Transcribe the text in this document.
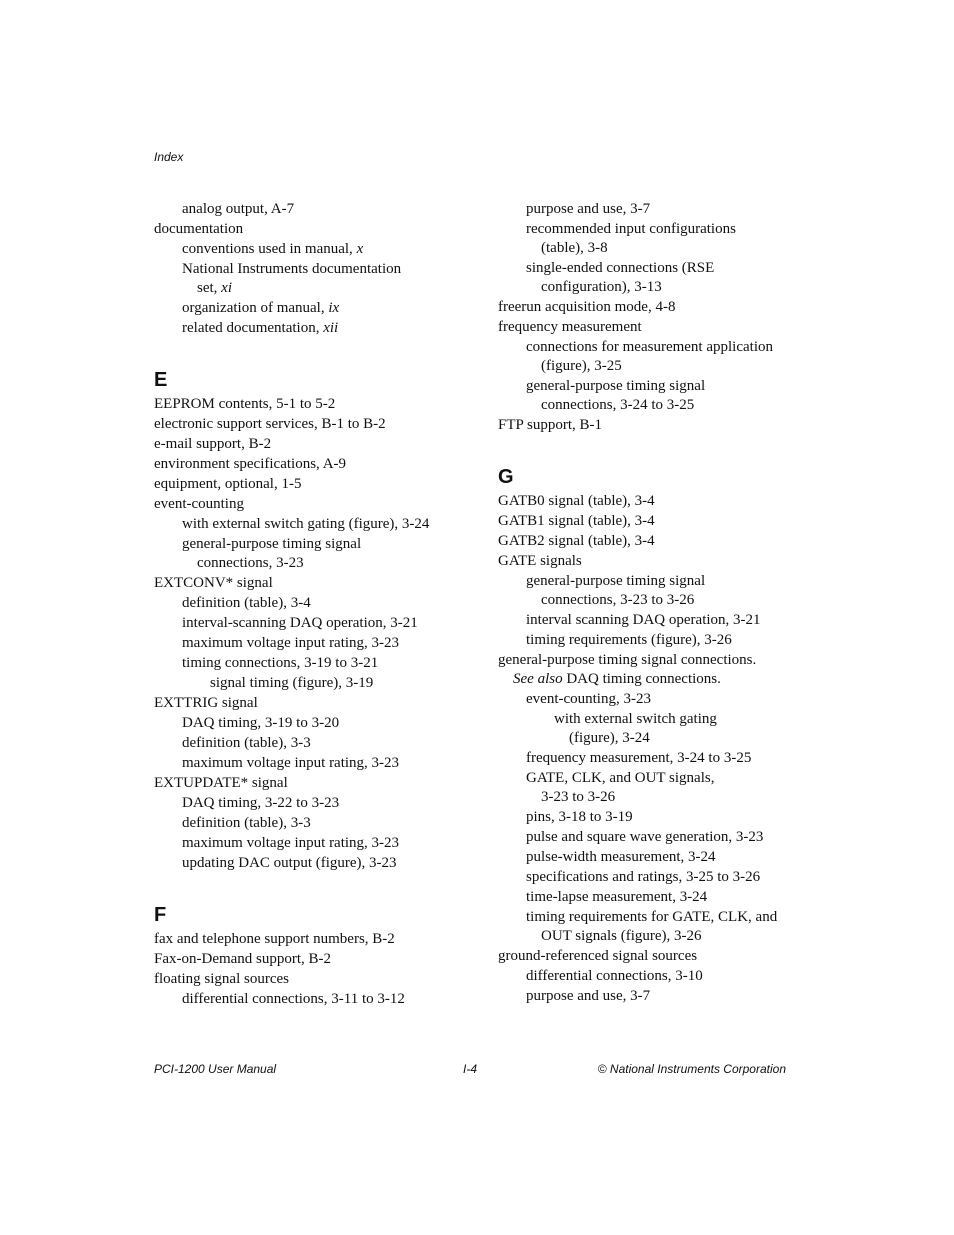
Index
analog output, A-7
documentation
conventions used in manual, x
National Instruments documentation
set, xi
organization of manual, ix
related documentation, xii
E
EEPROM contents, 5-1 to 5-2
electronic support services, B-1 to B-2
e-mail support, B-2
environment specifications, A-9
equipment, optional, 1-5
event-counting
with external switch gating (figure), 3-24
general-purpose timing signal
connections, 3-23
EXTCONV* signal
definition (table), 3-4
interval-scanning DAQ operation, 3-21
maximum voltage input rating, 3-23
timing connections, 3-19 to 3-21
signal timing (figure), 3-19
EXTTRIG signal
DAQ timing, 3-19 to 3-20
definition (table), 3-3
maximum voltage input rating, 3-23
EXTUPDATE* signal
DAQ timing, 3-22 to 3-23
definition (table), 3-3
maximum voltage input rating, 3-23
updating DAC output (figure), 3-23
F
fax and telephone support numbers, B-2
Fax-on-Demand support, B-2
floating signal sources
differential connections, 3-11 to 3-12
purpose and use, 3-7
recommended input configurations
(table), 3-8
single-ended connections (RSE
configuration), 3-13
freerun acquisition mode, 4-8
frequency measurement
connections for measurement application
(figure), 3-25
general-purpose timing signal
connections, 3-24 to 3-25
FTP support, B-1
G
GATB0 signal (table), 3-4
GATB1 signal (table), 3-4
GATB2 signal (table), 3-4
GATE signals
general-purpose timing signal
connections, 3-23 to 3-26
interval scanning DAQ operation, 3-21
timing requirements (figure), 3-26
general-purpose timing signal connections.
See also DAQ timing connections.
event-counting, 3-23
with external switch gating
(figure), 3-24
frequency measurement, 3-24 to 3-25
GATE, CLK, and OUT signals,
3-23 to 3-26
pins, 3-18 to 3-19
pulse and square wave generation, 3-23
pulse-width measurement, 3-24
specifications and ratings, 3-25 to 3-26
time-lapse measurement, 3-24
timing requirements for GATE, CLK, and
OUT signals (figure), 3-26
ground-referenced signal sources
differential connections, 3-10
purpose and use, 3-7
PCI-1200 User Manual	I-4	© National Instruments Corporation
